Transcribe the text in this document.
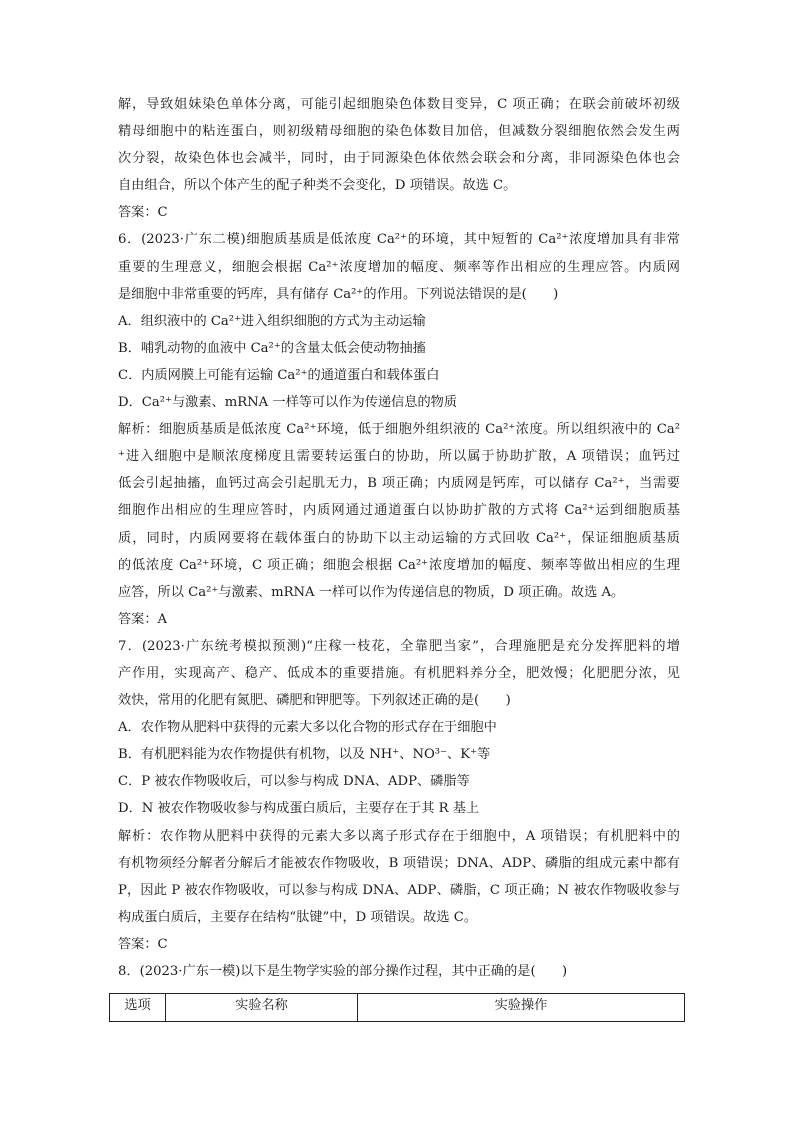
解，导致姐妹染色单体分离，可能引起细胞染色体数目变异，C 项正确；在联会前破坏初级
精母细胞中的粘连蛋白，则初级精母细胞的染色体数目加倍，但减数分裂细胞依然会发生两
次分裂，故染色体也会减半，同时，由于同源染色体依然会联会和分离，非同源染色体也会
自由组合，所以个体产生的配子种类不会变化，D 项错误。故选 C。
答案：C
6．(2023·广东二模)细胞质基质是低浓度 Ca²⁺的环境，其中短暂的 Ca²⁺浓度增加具有非常
重要的生理意义，细胞会根据 Ca²⁺浓度增加的幅度、频率等作出相应的生理应答。内质网
是细胞中非常重要的钙库，具有储存 Ca²⁺的作用。下列说法错误的是(　　)
A．组织液中的 Ca²⁺进入组织细胞的方式为主动运输
B．哺乳动物的血液中 Ca²⁺的含量太低会使动物抽搐
C．内质网膜上可能有运输 Ca²⁺的通道蛋白和载体蛋白
D．Ca²⁺与激素、mRNA 一样等可以作为传递信息的物质
解析：细胞质基质是低浓度 Ca²⁺环境，低于细胞外组织液的 Ca²⁺浓度。所以组织液中的 Ca²
⁺进入细胞中是顺浓度梯度且需要转运蛋白的协助，所以属于协助扩散，A 项错误；血钙过
低会引起抽搐，血钙过高会引起肌无力，B 项正确；内质网是钙库，可以储存 Ca²⁺，当需要
细胞作出相应的生理应答时，内质网通过通道蛋白以协助扩散的方式将 Ca²⁺运到细胞质基
质，同时，内质网要将在载体蛋白的协助下以主动运输的方式回收 Ca²⁺，保证细胞质基质
的低浓度 Ca²⁺环境，C 项正确；细胞会根据 Ca²⁺浓度增加的幅度、频率等做出相应的生理
应答，所以 Ca²⁺与激素、mRNA 一样可以作为传递信息的物质，D 项正确。故选 A。
答案：A
7．(2023·广东统考模拟预测)“庄稼一枝花，全靠肥当家”，合理施肥是充分发挥肥料的增
产作用，实现高产、稳产、低成本的重要措施。有机肥料养分全，肥效慢；化肥肥分浓，见
效快，常用的化肥有氮肥、磷肥和钾肥等。下列叙述正确的是(　　)
A．农作物从肥料中获得的元素大多以化合物的形式存在于细胞中
B．有机肥料能为农作物提供有机物，以及 NH⁺、NO³⁻、K⁺等
C．P 被农作物吸收后，可以参与构成 DNA、ADP、磷脂等
D．N 被农作物吸收参与构成蛋白质后，主要存在于其 R 基上
解析：农作物从肥料中获得的元素大多以离子形式存在于细胞中，A 项错误；有机肥料中的
有机物须经分解者分解后才能被农作物吸收，B 项错误；DNA、ADP、磷脂的组成元素中都有
P，因此 P 被农作物吸收，可以参与构成 DNA、ADP、磷脂，C 项正确；N 被农作物吸收参与
构成蛋白质后，主要存在结构“肽键”中，D 项错误。故选 C。
答案：C
8．(2023·广东一模)以下是生物学实验的部分操作过程，其中正确的是(　　)
选项	实验名称	实验操作
